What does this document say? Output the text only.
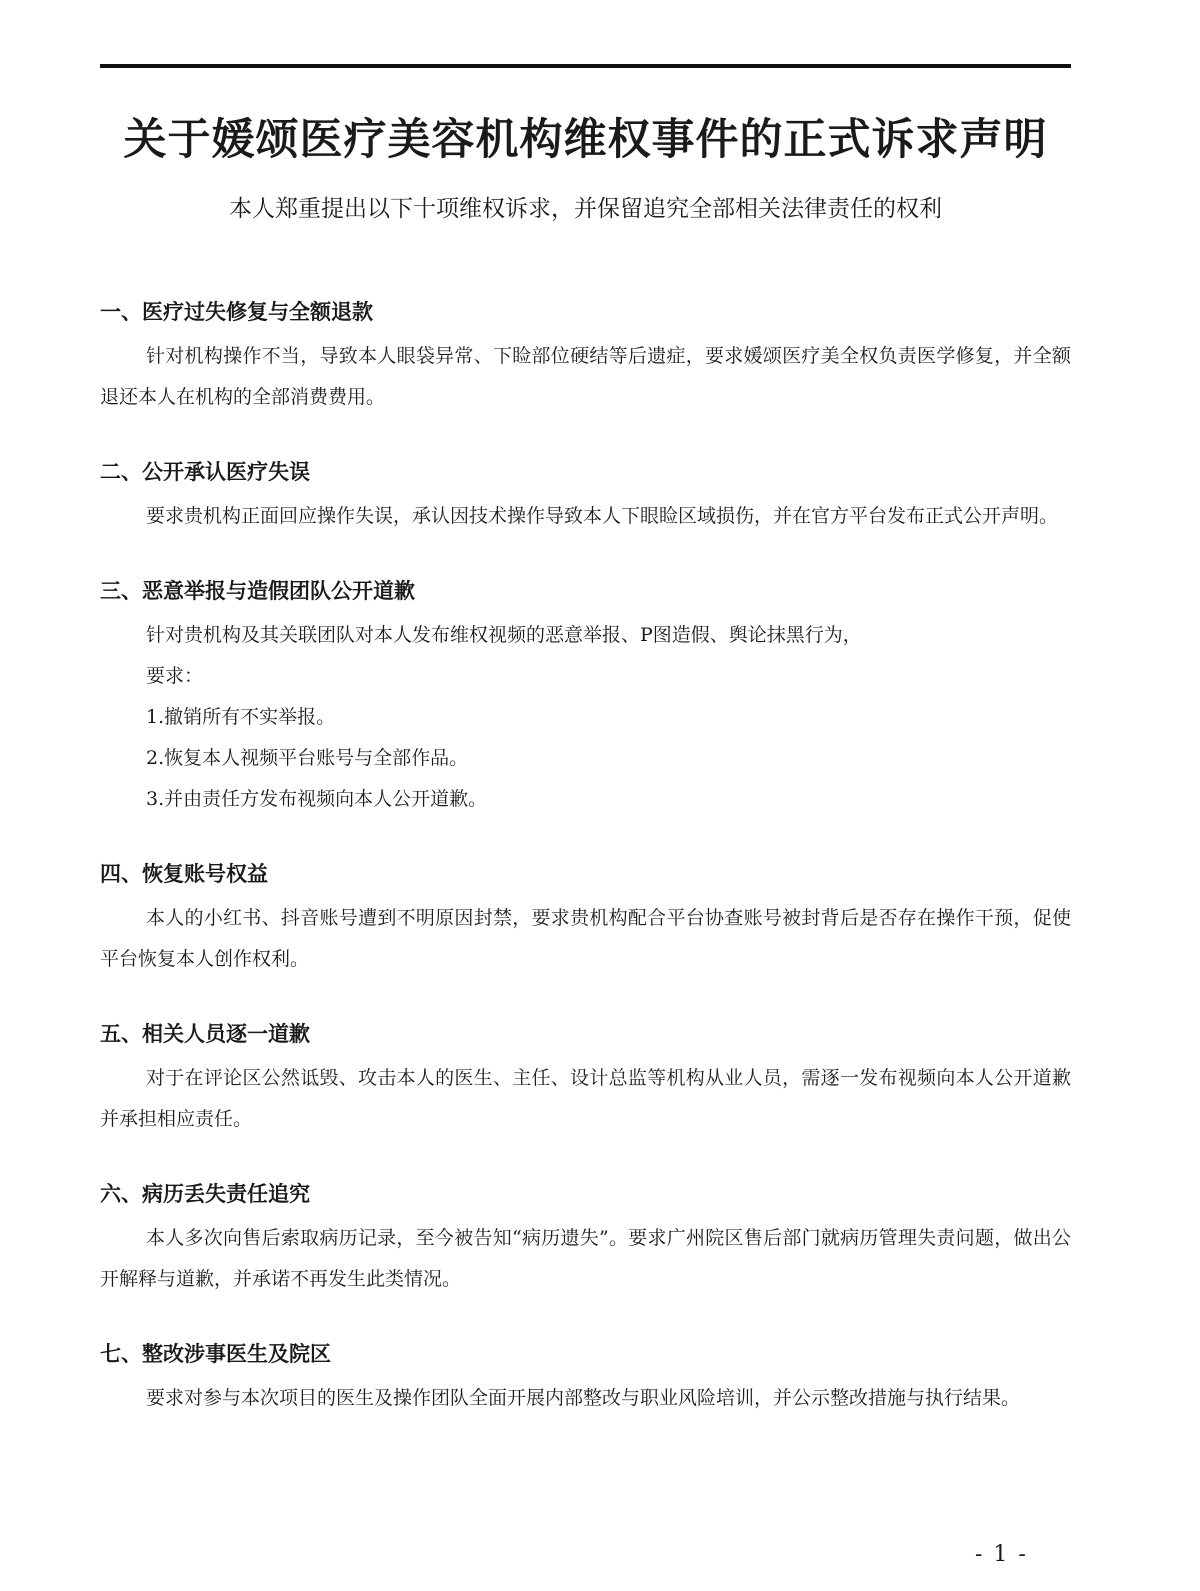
关于媛颂医疗美容机构维权事件的正式诉求声明

本人郑重提出以下十项维权诉求，并保留追究全部相关法律责任的权利

一、医疗过失修复与全额退款

针对机构操作不当，导致本人眼袋异常、下睑部位硬结等后遗症，要求媛颂医疗美全权负责医学修复，并全额退还本人在机构的全部消费费用。

二、公开承认医疗失误

要求贵机构正面回应操作失误，承认因技术操作导致本人下眼睑区域损伤，并在官方平台发布正式公开声明。

三、恶意举报与造假团队公开道歉

针对贵机构及其关联团队对本人发布维权视频的恶意举报、P图造假、舆论抹黑行为，

要求：

1.撤销所有不实举报。

2.恢复本人视频平台账号与全部作品。

3.并由责任方发布视频向本人公开道歉。

四、恢复账号权益

本人的小红书、抖音账号遭到不明原因封禁，要求贵机构配合平台协查账号被封背后是否存在操作干预，促使平台恢复本人创作权利。

五、相关人员逐一道歉

对于在评论区公然诋毁、攻击本人的医生、主任、设计总监等机构从业人员，需逐一发布视频向本人公开道歉并承担相应责任。

六、病历丢失责任追究

本人多次向售后索取病历记录，至今被告知“病历遗失”。要求广州院区售后部门就病历管理失责问题，做出公开解释与道歉，并承诺不再发生此类情况。

七、整改涉事医生及院区

要求对参与本次项目的医生及操作团队全面开展内部整改与职业风险培训，并公示整改措施与执行结果。

- 1 -
